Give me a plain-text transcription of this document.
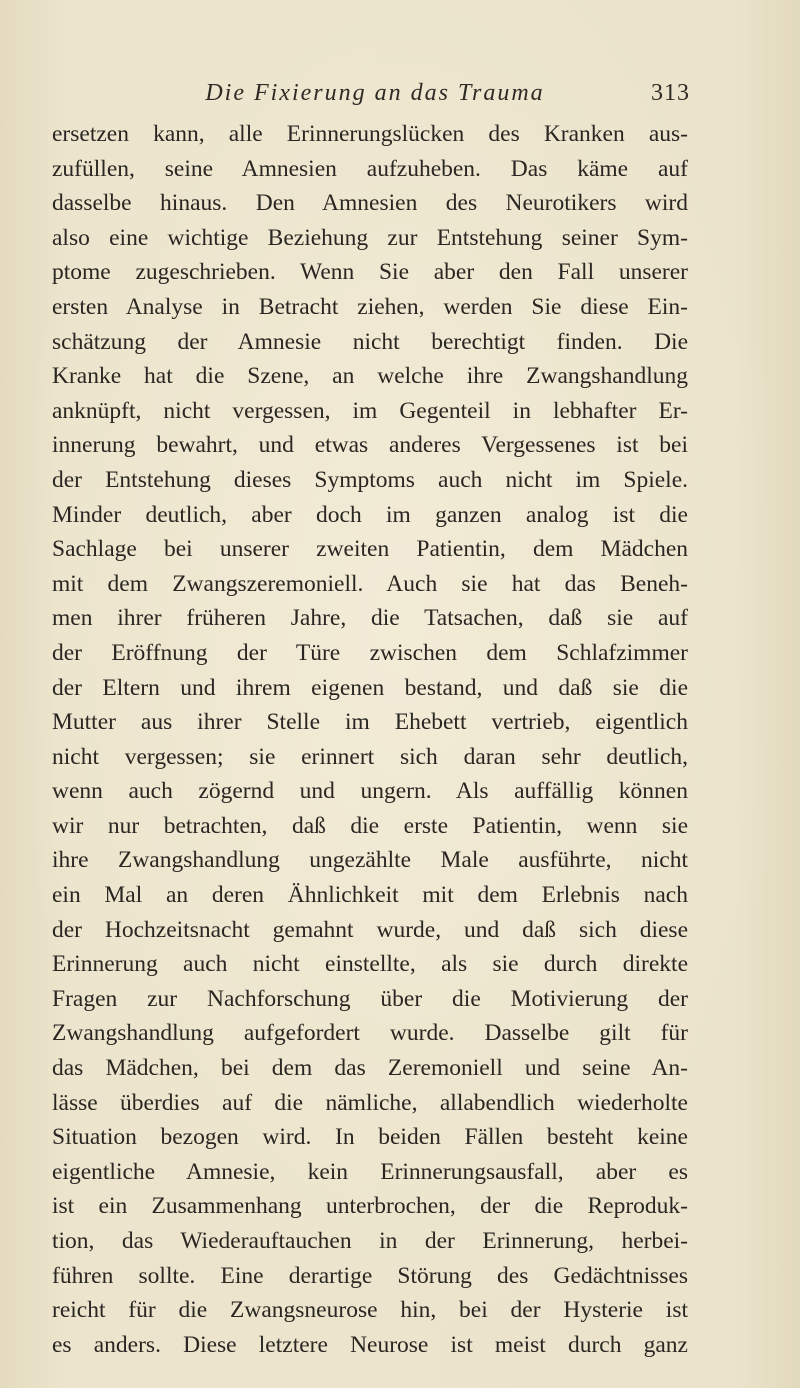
Die Fixierung an das Trauma	313
ersetzen kann, alle Erinnerungslücken des Kranken aus-
zufüllen, seine Amnesien aufzuheben. Das käme auf
dasselbe hinaus. Den Amnesien des Neurotikers wird
also eine wichtige Beziehung zur Entstehung seiner Sym-
ptome zugeschrieben. Wenn Sie aber den Fall unserer
ersten Analyse in Betracht ziehen, werden Sie diese Ein-
schätzung der Amnesie nicht berechtigt finden. Die
Kranke hat die Szene, an welche ihre Zwangshandlung
anknüpft, nicht vergessen, im Gegenteil in lebhafter Er-
innerung bewahrt, und etwas anderes Vergessenes ist bei
der Entstehung dieses Symptoms auch nicht im Spiele.
Minder deutlich, aber doch im ganzen analog ist die
Sachlage bei unserer zweiten Patientin, dem Mädchen
mit dem Zwangszeremoniell. Auch sie hat das Beneh-
men ihrer früheren Jahre, die Tatsachen, daß sie auf
der Eröffnung der Türe zwischen dem Schlafzimmer
der Eltern und ihrem eigenen bestand, und daß sie die
Mutter aus ihrer Stelle im Ehebett vertrieb, eigentlich
nicht vergessen; sie erinnert sich daran sehr deutlich,
wenn auch zögernd und ungern. Als auffällig können
wir nur betrachten, daß die erste Patientin, wenn sie
ihre Zwangshandlung ungezählte Male ausführte, nicht
ein Mal an deren Ähnlichkeit mit dem Erlebnis nach
der Hochzeitsnacht gemahnt wurde, und daß sich diese
Erinnerung auch nicht einstellte, als sie durch direkte
Fragen zur Nachforschung über die Motivierung der
Zwangshandlung aufgefordert wurde. Dasselbe gilt für
das Mädchen, bei dem das Zeremoniell und seine An-
lässe überdies auf die nämliche, allabendlich wiederholte
Situation bezogen wird. In beiden Fällen besteht keine
eigentliche Amnesie, kein Erinnerungsausfall, aber es
ist ein Zusammenhang unterbrochen, der die Reproduk-
tion, das Wiederauftauchen in der Erinnerung, herbei-
führen sollte. Eine derartige Störung des Gedächtnisses
reicht für die Zwangsneurose hin, bei der Hysterie ist
es anders. Diese letztere Neurose ist meist durch ganz
